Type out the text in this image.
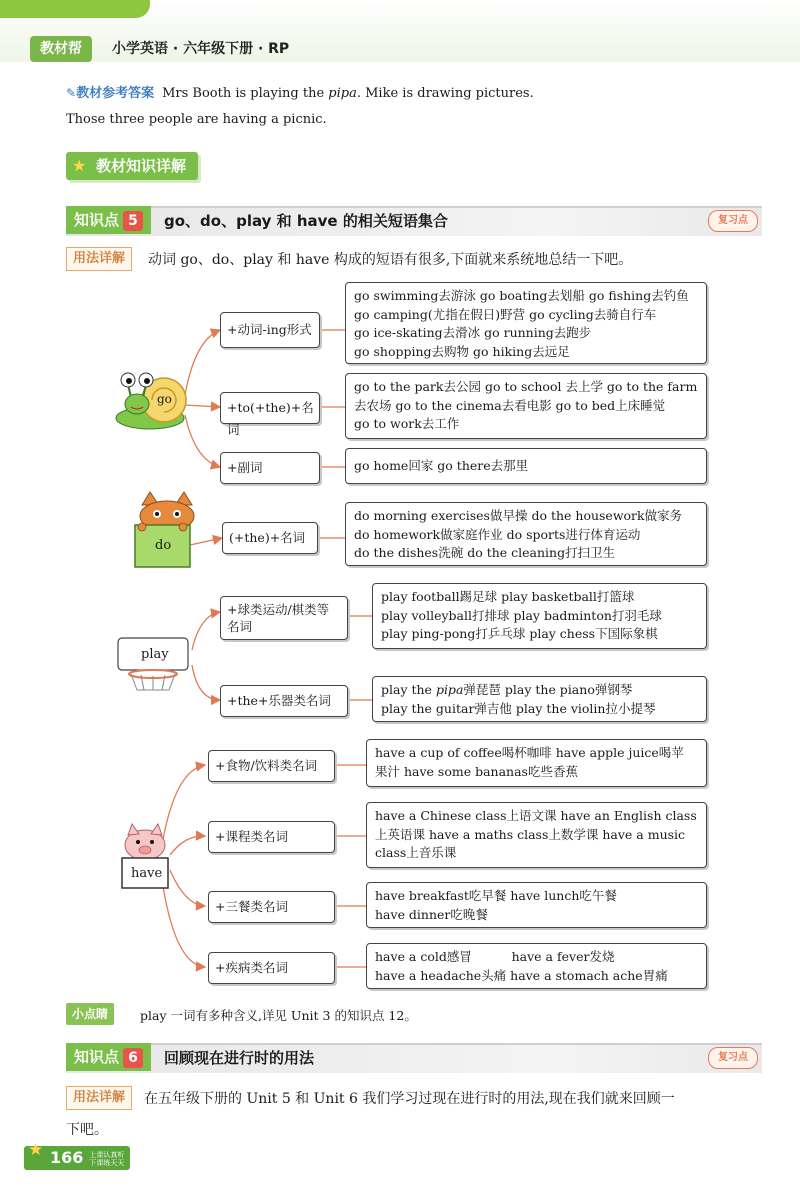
教材帮	小学英语 · 六年级下册 · RP
✎教材参考答案 Mrs Booth is playing the pipa. Mike is drawing pictures.
Those three people are having a picnic.
教材知识详解
★
知识点 5	go、do、play 和 have 的相关短语集合	复习点
用法详解	动词 go、do、play 和 have 构成的短语有很多,下面就来系统地总结一下吧。
go
do
play
have
+动词-ing形式
go swimming去游泳 go boating去划船 go fishing去钓鱼
go camping(尤指在假日)野营 go cycling去骑自行车
go ice-skating去滑冰 go running去跑步
go shopping去购物 go hiking去远足
+to(+the)+名词
go to the park去公园 go to school 去上学 go to the farm
去农场 go to the cinema去看电影 go to bed上床睡觉
go to work去工作
+副词	go home回家 go there去那里
(+the)+名词
do morning exercises做早操 do the housework做家务
do homework做家庭作业 do sports进行体育运动
do the dishes洗碗 do the cleaning打扫卫生
+球类运动/棋类等
名词
play football踢足球 play basketball打篮球
play volleyball打排球 play badminton打羽毛球
play ping-pong打乒乓球 play chess下国际象棋
+the+乐器类名词
play the pipa弹琵琶 play the piano弹钢琴
play the guitar弹吉他 play the violin拉小提琴
+食物/饮料类名词
have a cup of coffee喝杯咖啡 have apple juice喝苹
果汁 have some bananas吃些香蕉
+课程类名词
have a Chinese class上语文课 have an English class
上英语课 have a maths class上数学课 have a music
class上音乐课
+三餐类名词
have breakfast吃早餐 have lunch吃午餐
have dinner吃晚餐
+疾病类名词
have a cold感冒          have a fever发烧
have a headache头痛 have a stomach ache胃痛
小点睛	play 一词有多种含义,详见 Unit 3 的知识点 12。
知识点 6	回顾现在进行时的用法	复习点
用法详解	在五年级下册的 Unit 5 和 Unit 6 我们学习过现在进行时的用法,现在我们就来回顾一
下吧。
166 上课认真听
下课练天天
★
